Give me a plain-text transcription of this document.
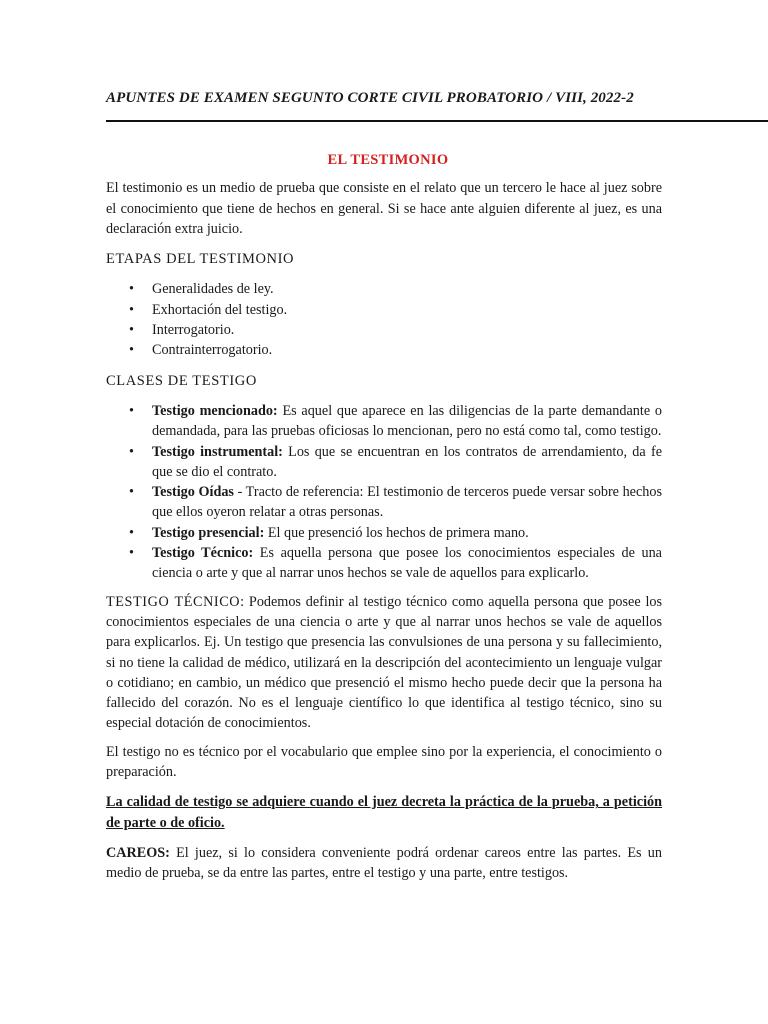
APUNTES DE EXAMEN SEGUNTO CORTE CIVIL PROBATORIO / VIII, 2022-2
EL TESTIMONIO

El testimonio es un medio de prueba que consiste en el relato que un tercero le hace al juez sobre el conocimiento que tiene de hechos en general. Si se hace ante alguien diferente al juez, es una declaración extra juicio.

ETAPAS DEL TESTIMONIO
• Generalidades de ley.
• Exhortación del testigo.
• Interrogatorio.
• Contrainterrogatorio.
CLASES DE TESTIGO
• Testigo mencionado: Es aquel que aparece en las diligencias de la parte demandante o demandada, para las pruebas oficiosas lo mencionan, pero no está como tal, como testigo.
• Testigo instrumental: Los que se encuentran en los contratos de arrendamiento, da fe que se dio el contrato.
• Testigo Oídas - Tracto de referencia: El testimonio de terceros puede versar sobre hechos que ellos oyeron relatar a otras personas.
• Testigo presencial: El que presenció los hechos de primera mano.
• Testigo Técnico: Es aquella persona que posee los conocimientos especiales de una ciencia o arte y que al narrar unos hechos se vale de aquellos para explicarlo.

TESTIGO TÉCNICO: Podemos definir al testigo técnico como aquella persona que posee los conocimientos especiales de una ciencia o arte y que al narrar unos hechos se vale de aquellos para explicarlos. Ej. Un testigo que presencia las convulsiones de una persona y su fallecimiento, si no tiene la calidad de médico, utilizará en la descripción del acontecimiento un lenguaje vulgar o cotidiano; en cambio, un médico que presenció el mismo hecho puede decir que la persona ha fallecido del corazón. No es el lenguaje científico lo que identifica al testigo técnico, sino su especial dotación de conocimientos.

El testigo no es técnico por el vocabulario que emplee sino por la experiencia, el conocimiento o preparación.

La calidad de testigo se adquiere cuando el juez decreta la práctica de la prueba, a petición de parte o de oficio.

CAREOS: El juez, si lo considera conveniente podrá ordenar careos entre las partes. Es un medio de prueba, se da entre las partes, entre el testigo y una parte, entre testigos.
